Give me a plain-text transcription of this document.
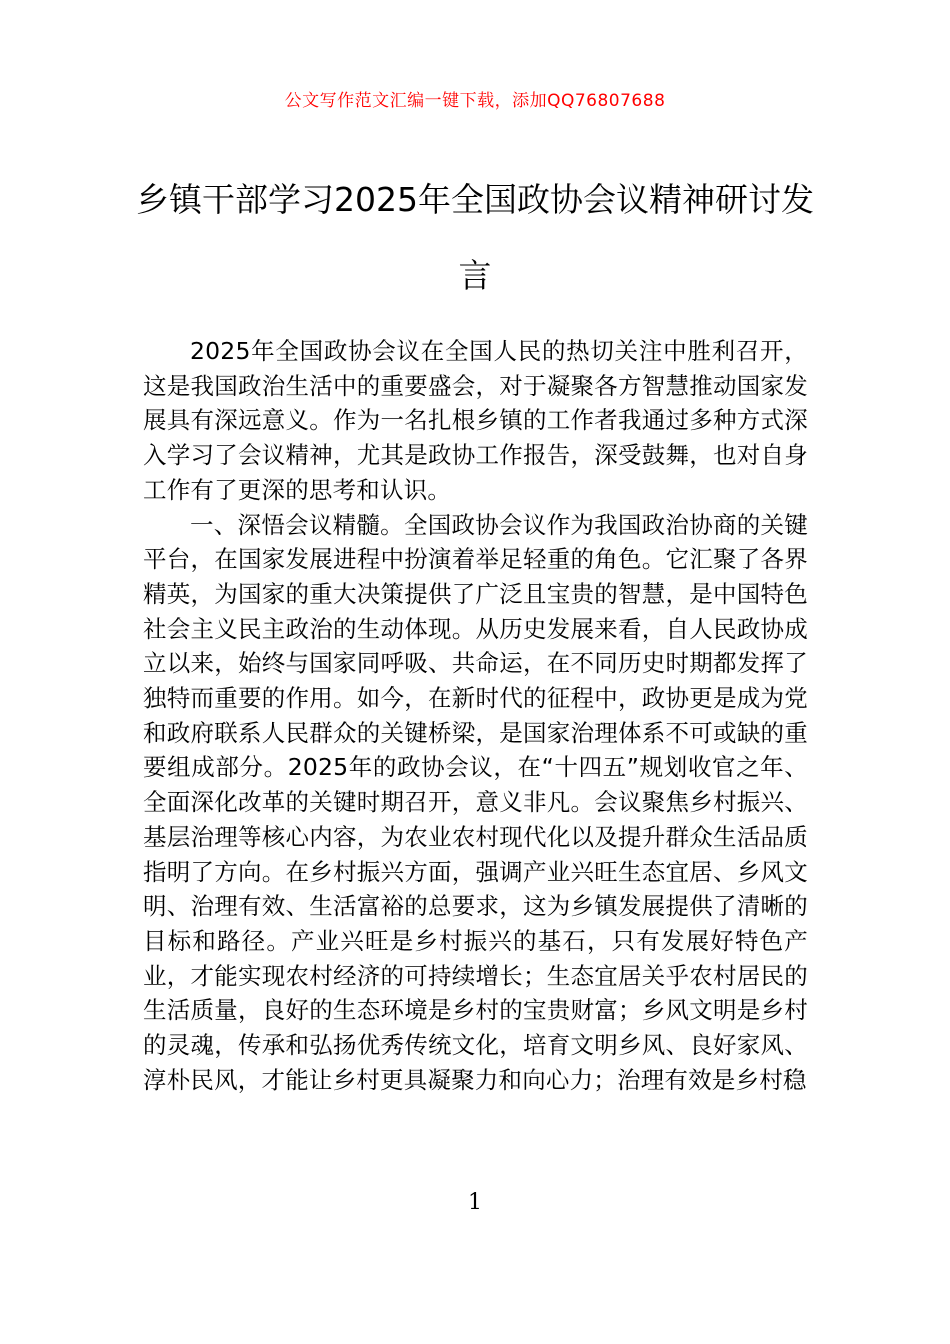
公文写作范文汇编一键下载，添加QQ76807688
乡镇干部学习2025年全国政协会议精神研讨发言

2025年全国政协会议在全国人民的热切关注中胜利召开，这是我国政治生活中的重要盛会，对于凝聚各方智慧推动国家发展具有深远意义。作为一名扎根乡镇的工作者我通过多种方式深入学习了会议精神，尤其是政协工作报告，深受鼓舞，也对自身工作有了更深的思考和认识。

一、深悟会议精髓。全国政协会议作为我国政治协商的关键平台，在国家发展进程中扮演着举足轻重的角色。它汇聚了各界精英，为国家的重大决策提供了广泛且宝贵的智慧，是中国特色社会主义民主政治的生动体现。从历史发展来看，自人民政协成立以来，始终与国家同呼吸、共命运，在不同历史时期都发挥了独特而重要的作用。如今，在新时代的征程中，政协更是成为党和政府联系人民群众的关键桥梁，是国家治理体系不可或缺的重要组成部分。2025年的政协会议，在“十四五”规划收官之年、全面深化改革的关键时期召开，意义非凡。会议聚焦乡村振兴、基层治理等核心内容，为农业农村现代化以及提升群众生活品质指明了方向。在乡村振兴方面，强调产业兴旺生态宜居、乡风文明、治理有效、生活富裕的总要求，这为乡镇发展提供了清晰的目标和路径。产业兴旺是乡村振兴的基石，只有发展好特色产业，才能实现农村经济的可持续增长；生态宜居关乎农村居民的生活质量，良好的生态环境是乡村的宝贵财富；乡风文明是乡村的灵魂，传承和弘扬优秀传统文化，培育文明乡风、良好家风、淳朴民风，才能让乡村更具凝聚力和向心力；治理有效是乡村稳

1
